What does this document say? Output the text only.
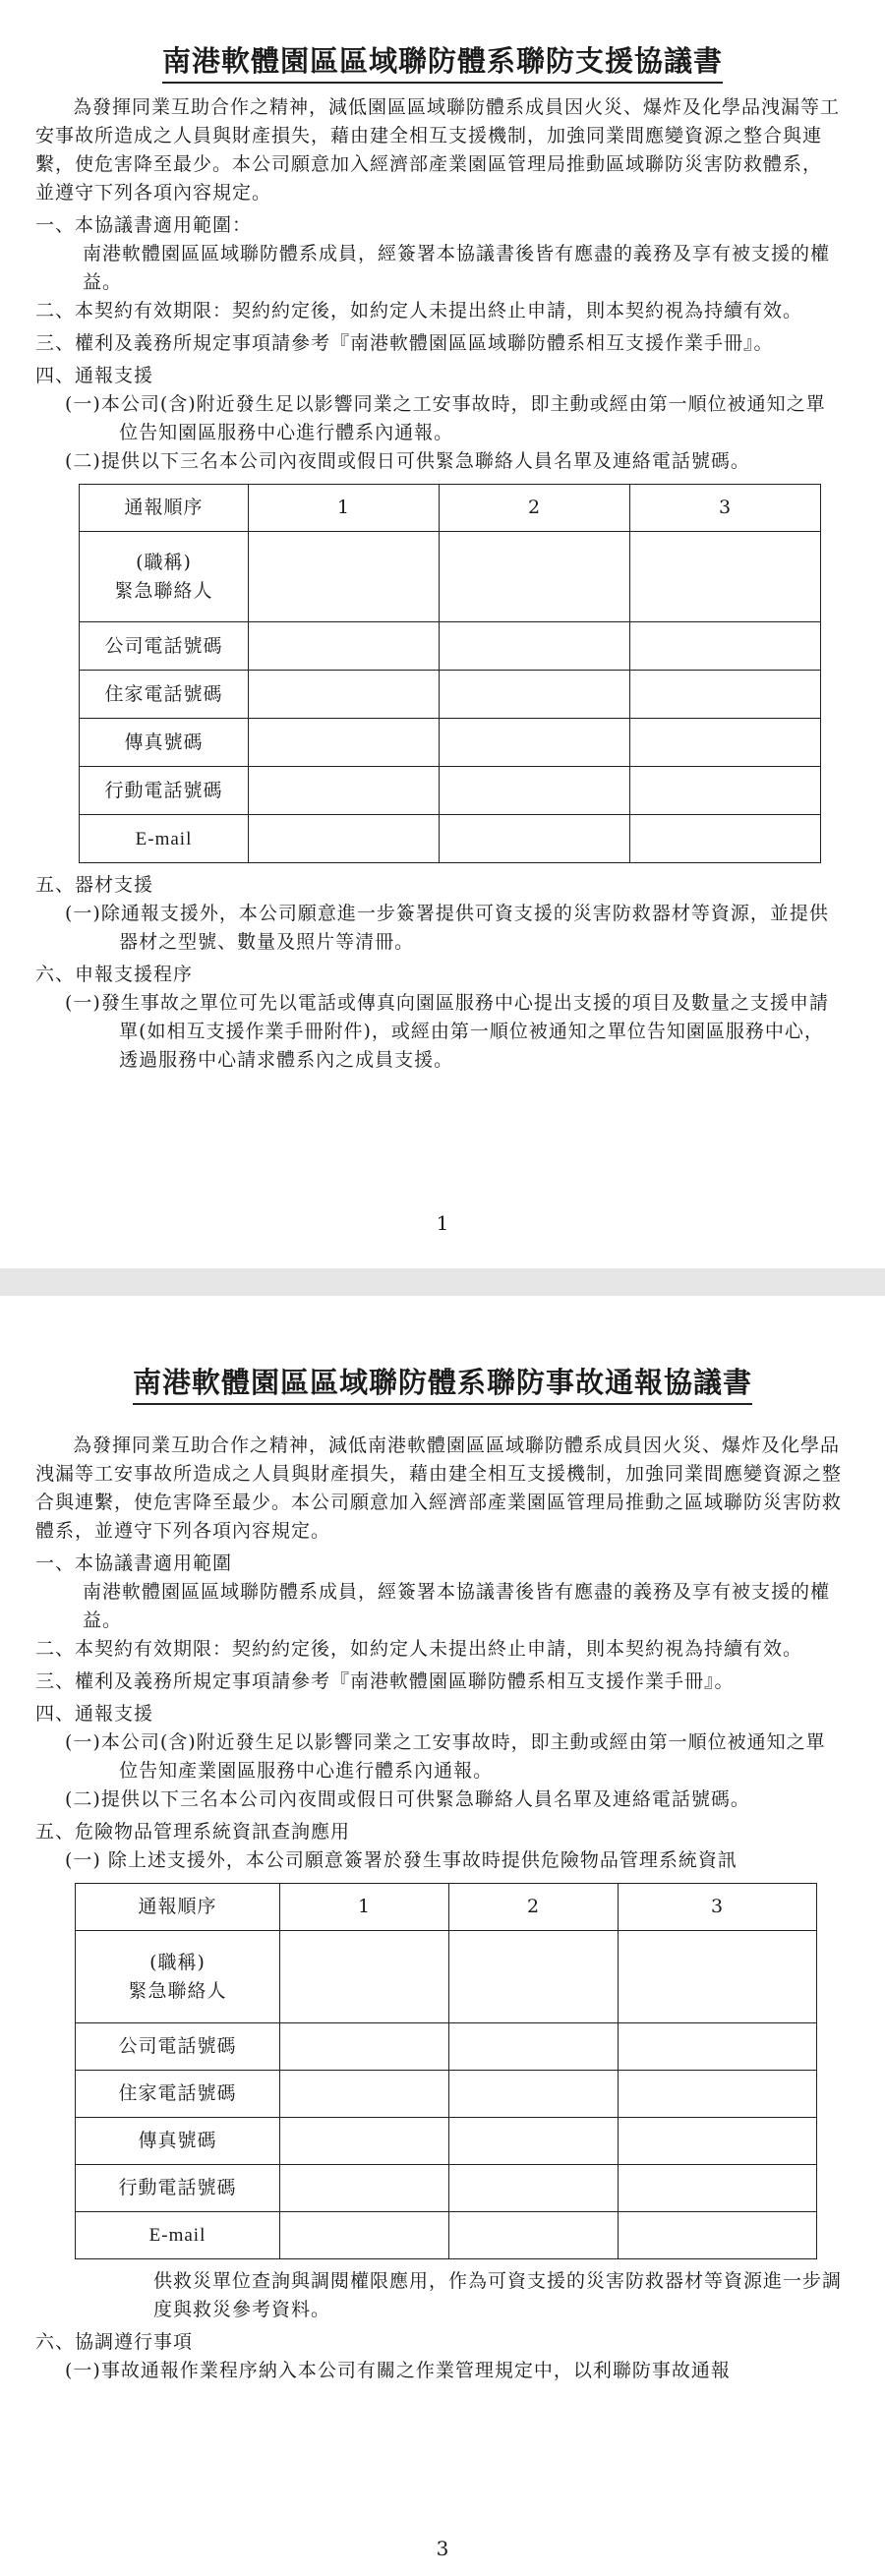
南港軟體園區區域聯防體系聯防支援協議書

為發揮同業互助合作之精神，減低園區區域聯防體系成員因火災、爆炸及化學品洩漏等工安事故所造成之人員與財產損失，藉由建全相互支援機制，加強同業間應變資源之整合與連繫，使危害降至最少。本公司願意加入經濟部產業園區管理局推動區域聯防災害防救體系，並遵守下列各項內容規定。

一、本協議書適用範圍：

南港軟體園區區域聯防體系成員，經簽署本協議書後皆有應盡的義務及享有被支援的權益。

二、本契約有效期限：契約約定後，如約定人未提出終止申請，則本契約視為持續有效。

三、權利及義務所規定事項請參考『南港軟體園區區域聯防體系相互支援作業手冊』。

四、通報支援

(一)本公司(含)附近發生足以影響同業之工安事故時，即主動或經由第一順位被通知之單位告知園區服務中心進行體系內通報。

(二)提供以下三名本公司內夜間或假日可供緊急聯絡人員名單及連絡電話號碼。

通報順序	1	2	3

(職稱)
緊急聯絡人			

公司電話號碼			
住家電話號碼			
傳真號碼			
行動電話號碼			
E-mail			

五、器材支援

(一)除通報支援外，本公司願意進一步簽署提供可資支援的災害防救器材等資源，並提供器材之型號、數量及照片等清冊。

六、申報支援程序

(一)發生事故之單位可先以電話或傳真向園區服務中心提出支援的項目及數量之支援申請單(如相互支援作業手冊附件)，或經由第一順位被通知之單位告知園區服務中心，透過服務中心請求體系內之成員支援。

1
南港軟體園區區域聯防體系聯防事故通報協議書

為發揮同業互助合作之精神，減低南港軟體園區區域聯防體系成員因火災、爆炸及化學品洩漏等工安事故所造成之人員與財產損失，藉由建全相互支援機制，加強同業間應變資源之整合與連繫，使危害降至最少。本公司願意加入經濟部產業園區管理局推動之區域聯防災害防救體系，並遵守下列各項內容規定。

一、本協議書適用範圍

南港軟體園區區域聯防體系成員，經簽署本協議書後皆有應盡的義務及享有被支援的權益。

二、本契約有效期限：契約約定後，如約定人未提出終止申請，則本契約視為持續有效。

三、權利及義務所規定事項請參考『南港軟體園區聯防體系相互支援作業手冊』。

四、通報支援

(一)本公司(含)附近發生足以影響同業之工安事故時，即主動或經由第一順位被通知之單位告知產業園區服務中心進行體系內通報。

(二)提供以下三名本公司內夜間或假日可供緊急聯絡人員名單及連絡電話號碼。

五、危險物品管理系統資訊查詢應用

(一) 除上述支援外，本公司願意簽署於發生事故時提供危險物品管理系統資訊

通報順序	1	2	3

(職稱)
緊急聯絡人			

公司電話號碼			
住家電話號碼			
傳真號碼			
行動電話號碼			
E-mail			

供救災單位查詢與調閱權限應用，作為可資支援的災害防救器材等資源進一步調度與救災參考資料。

六、協調遵行事項

(一)事故通報作業程序納入本公司有關之作業管理規定中，以利聯防事故通報

3
